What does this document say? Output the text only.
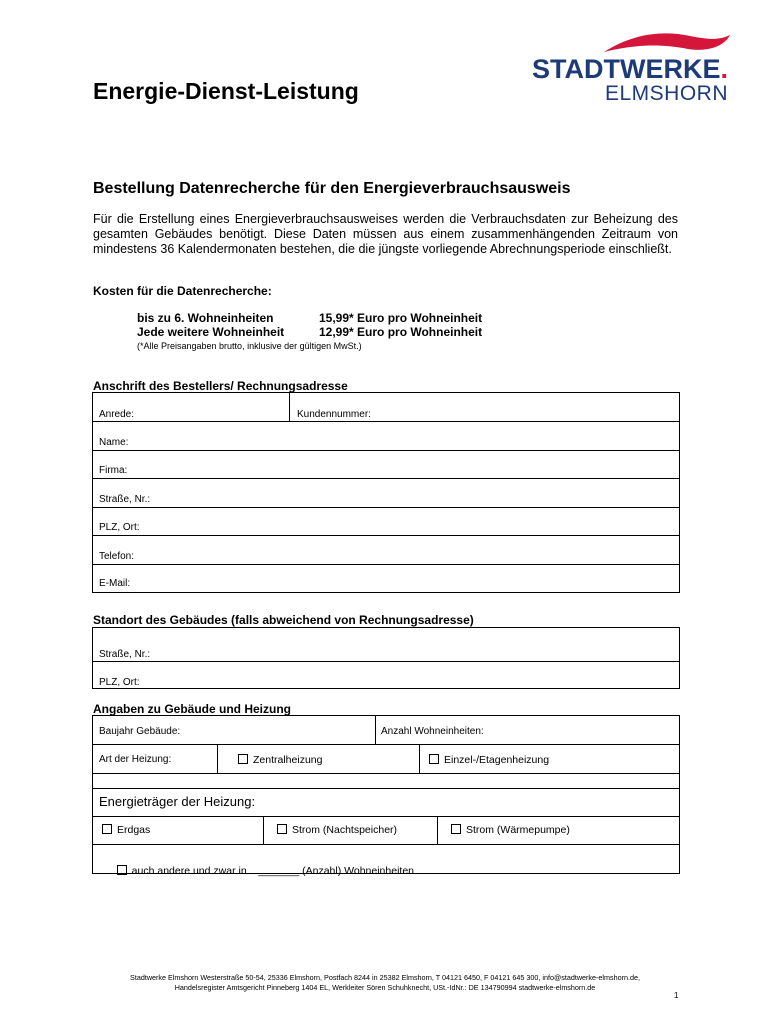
Energie-Dienst-Leistung
STADTWERKE.
ELMSHORN
Bestellung Datenrecherche für den Energieverbrauchsausweis
Für die Erstellung eines Energieverbrauchsausweises werden die Verbrauchsdaten zur Beheizung des gesamten Gebäudes benötigt. Diese Daten müssen aus einem zusammenhängenden Zeitraum von mindestens 36 Kalendermonaten bestehen, die die jüngste vorliegende Abrechnungsperiode einschließt.
Kosten für die Datenrecherche:
bis zu 6. Wohneinheiten	15,99* Euro pro Wohneinheit
Jede weitere Wohneinheit	12,99* Euro pro Wohneinheit
(*Alle Preisangaben brutto, inklusive der gültigen MwSt.)
Anschrift des Bestellers/ Rechnungsadresse
Anrede:	Kundennummer:
Name:
Firma:
Straße, Nr.:
PLZ, Ort:
Telefon:
E-Mail:
Standort des Gebäudes (falls abweichend von Rechnungsadresse)
Straße, Nr.:
PLZ, Ort:
Angaben zu Gebäude und Heizung
Baujahr Gebäude:	Anzahl Wohneinheiten:
Art der Heizung:	Zentralheizung	Einzel-/Etagenheizung
Erdgas	Strom (Nachtspeicher)	Strom (Wärmepumpe)

auch andere und zwar in    _______ (Anzahl) Wohneinheiten

Energieträger der Heizung:
Stadtwerke Elmshorn Westerstraße 50-54, 25336 Elmshorn, Postfach 8244 in 25382 Elmshorn, T 04121 6450, F 04121 645 300, info@stadtwerke-elmshorn.de,
Handelsregister Amtsgericht Pinneberg 1404 EL, Werkleiter Sören Schuhknecht, USt.-IdNr.: DE 134790994 stadtwerke-elmshorn.de
1
